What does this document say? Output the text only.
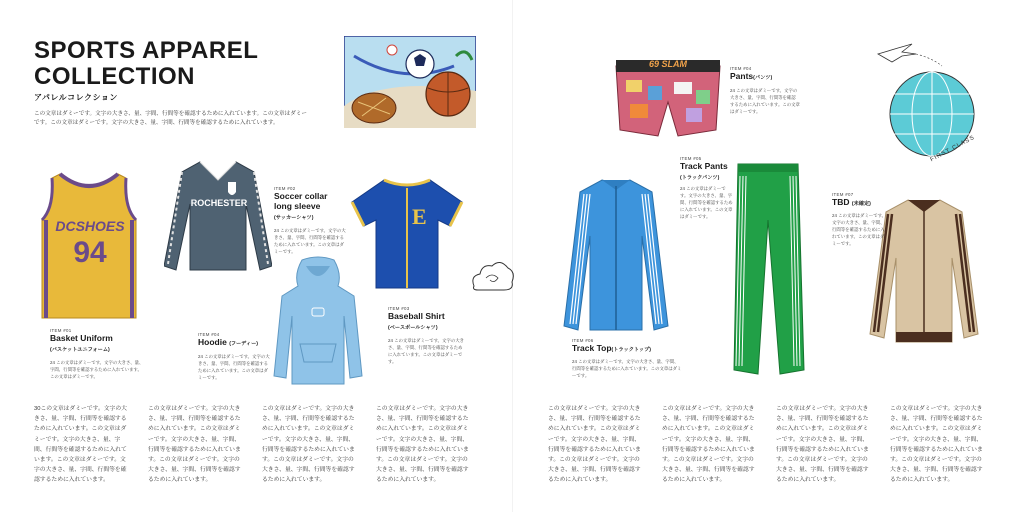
SPORTS APPAREL COLLECTION
アパレルコレクション
この文章はダミーです。文字の大きさ、量、字間、行間等を確認するために入れています。この文章はダミーです。この文章はダミーです。文字の大きさ、量、字間、行間等を確認するために入れています。
DCSHOES
94
ROCHESTER
E
ITEM #01
Basket Uniform
(バスケットユニフォーム)
24 この文章はダミーです。文字の大きさ、量、字間、行間等を確認するために入れています。この文章はダミーです。
ITEM #02
Soccer collar long sleeve
(サッカーシャツ)
24 この文章はダミーです。文字の大きさ、量、字間、行間等を確認するために入れています。この文章はダミーです。
ITEM #04
Hoodie (フーディー)
24 この文章はダミーです。文字の大きさ、量、字間、行間等を確認するために入れています。この文章はダミーです。
ITEM #03
Baseball Shirt
(ベースボールシャツ)
24 この文章はダミーです。文字の大きさ、量、字間、行間等を確認するために入れています。この文章はダミーです。
30この文章はダミーです。文字の大きさ、量、字間、行間等を確認するために入れています。この文章はダミーです。文字の大きさ、量、字間、行間等を確認するために入れています。この文章はダミーです。文字の大きさ、量、字間、行間等を確認するために入れています。
この文章はダミーです。文字の大きさ、量、字間、行間等を確認するために入れています。この文章はダミーです。文字の大きさ、量、字間、行間等を確認するために入れています。この文章はダミーです。文字の大きさ、量、字間、行間等を確認するために入れています。
この文章はダミーです。文字の大きさ、量、字間、行間等を確認するために入れています。この文章はダミーです。文字の大きさ、量、字間、行間等を確認するために入れています。この文章はダミーです。文字の大きさ、量、字間、行間等を確認するために入れています。
この文章はダミーです。文字の大きさ、量、字間、行間等を確認するために入れています。この文章はダミーです。文字の大きさ、量、字間、行間等を確認するために入れています。この文章はダミーです。文字の大きさ、量、字間、行間等を確認するために入れています。
69 SLAM
FIRST CLASS
ITEM #04
Pants(パンツ)
24 この文章はダミーです。文字の大きさ、量、字間、行間等を確認するために入れています。この文章はダミーです。
ITEM #05
Track Pants
(トラックパンツ)
24 この文章はダミーです。文字の大きさ、量、字間、行間等を確認するために入れています。この文章はダミーです。
ITEM #06
Track Top(トラックトップ)
24 この文章はダミーです。文字の大きさ、量、字間、行間等を確認するために入れています。この文章はダミーです。
ITEM #07
TBD (未確定)
24 この文章はダミーです。文字の大きさ、量、字間、行間等を確認するために入れています。この文章はダミーです。
この文章はダミーです。文字の大きさ、量、字間、行間等を確認するために入れています。この文章はダミーです。文字の大きさ、量、字間、行間等を確認するために入れています。この文章はダミーです。文字の大きさ、量、字間、行間等を確認するために入れています。
この文章はダミーです。文字の大きさ、量、字間、行間等を確認するために入れています。この文章はダミーです。文字の大きさ、量、字間、行間等を確認するために入れています。この文章はダミーです。文字の大きさ、量、字間、行間等を確認するために入れています。
この文章はダミーです。文字の大きさ、量、字間、行間等を確認するために入れています。この文章はダミーです。文字の大きさ、量、字間、行間等を確認するために入れています。この文章はダミーです。文字の大きさ、量、字間、行間等を確認するために入れています。
この文章はダミーです。文字の大きさ、量、字間、行間等を確認するために入れています。この文章はダミーです。文字の大きさ、量、字間、行間等を確認するために入れています。この文章はダミーです。文字の大きさ、量、字間、行間等を確認するために入れています。
